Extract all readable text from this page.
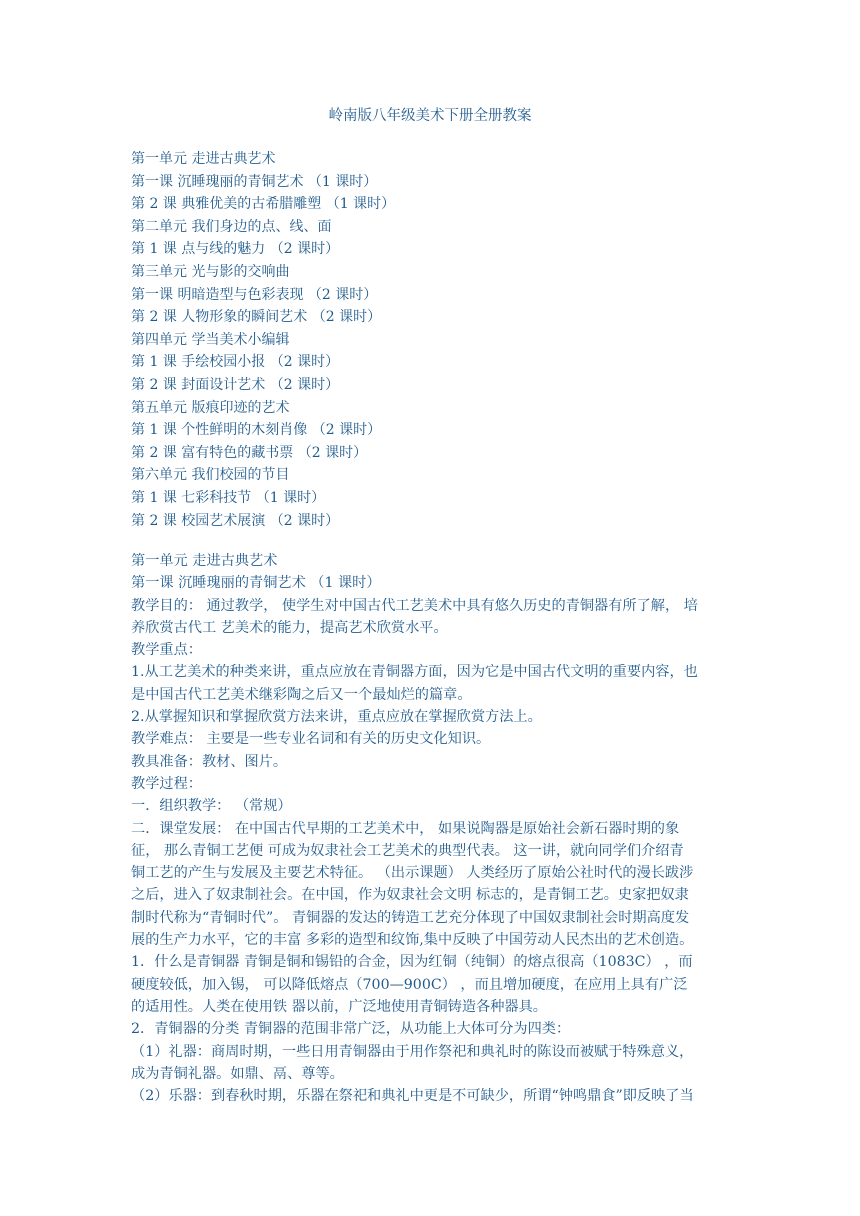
岭南版八年级美术下册全册教案
第一单元 走进古典艺术
第一课 沉睡瑰丽的青铜艺术 （1 课时）
第 2 课 典雅优美的古希腊雕塑 （1 课时）
第二单元 我们身边的点、线、面
第 1 课 点与线的魅力 （2 课时）
第三单元 光与影的交响曲
第一课 明暗造型与色彩表现 （2 课时）
第 2 课 人物形象的瞬间艺术 （2 课时）
第四单元 学当美术小编辑
第 1 课 手绘校园小报 （2 课时）
第 2 课 封面设计艺术 （2 课时）
第五单元 版痕印迹的艺术
第 1 课 个性鲜明的木刻肖像 （2 课时）
第 2 课 富有特色的藏书票 （2 课时）
第六单元 我们校园的节目
第 1 课 七彩科技节 （1 课时）
第 2 课 校园艺术展演 （2 课时）
第一单元 走进古典艺术
第一课 沉睡瑰丽的青铜艺术 （1 课时）
教学目的： 通过教学， 使学生对中国古代工艺美术中具有悠久历史的青铜器有所了解， 培
养欣赏古代工 艺美术的能力，提高艺术欣赏水平。
教学重点：
1.从工艺美术的种类来讲，重点应放在青铜器方面，因为它是中国古代文明的重要内容，也
是中国古代工艺美术继彩陶之后又一个最灿烂的篇章。
2.从掌握知识和掌握欣赏方法来讲，重点应放在掌握欣赏方法上。
教学难点： 主要是一些专业名词和有关的历史文化知识。
教具准备：教材、图片。
教学过程：
一．组织教学： （常规）
二．课堂发展： 在中国古代早期的工艺美术中， 如果说陶器是原始社会新石器时期的象
征， 那么青铜工艺便 可成为奴隶社会工艺美术的典型代表。 这一讲，就向同学们介绍青
铜工艺的产生与发展及主要艺术特征。 （出示课题） 人类经历了原始公社时代的漫长跋涉
之后，进入了奴隶制社会。在中国，作为奴隶社会文明 标志的，是青铜工艺。史家把奴隶
制时代称为“青铜时代”。 青铜器的发达的铸造工艺充分体现了中国奴隶制社会时期高度发
展的生产力水平，它的丰富 多彩的造型和纹饰,集中反映了中国劳动人民杰出的艺术创造。
1．什么是青铜器 青铜是铜和锡铅的合金，因为红铜（纯铜）的熔点很高（1083C） ，而
硬度较低，加入锡， 可以降低熔点（700—900C） ，而且增加硬度，在应用上具有广泛
的适用性。人类在使用铁 器以前，广泛地使用青铜铸造各种器具。
2．青铜器的分类 青铜器的范围非常广泛，从功能上大体可分为四类：
（1）礼器：商周时期，一些日用青铜器由于用作祭祀和典礼时的陈设而被赋于特殊意义，
成为青铜礼器。如鼎、鬲、尊等。
（2）乐器：到春秋时期，乐器在祭祀和典礼中更是不可缺少，所谓“钟鸣鼎食”即反映了当
